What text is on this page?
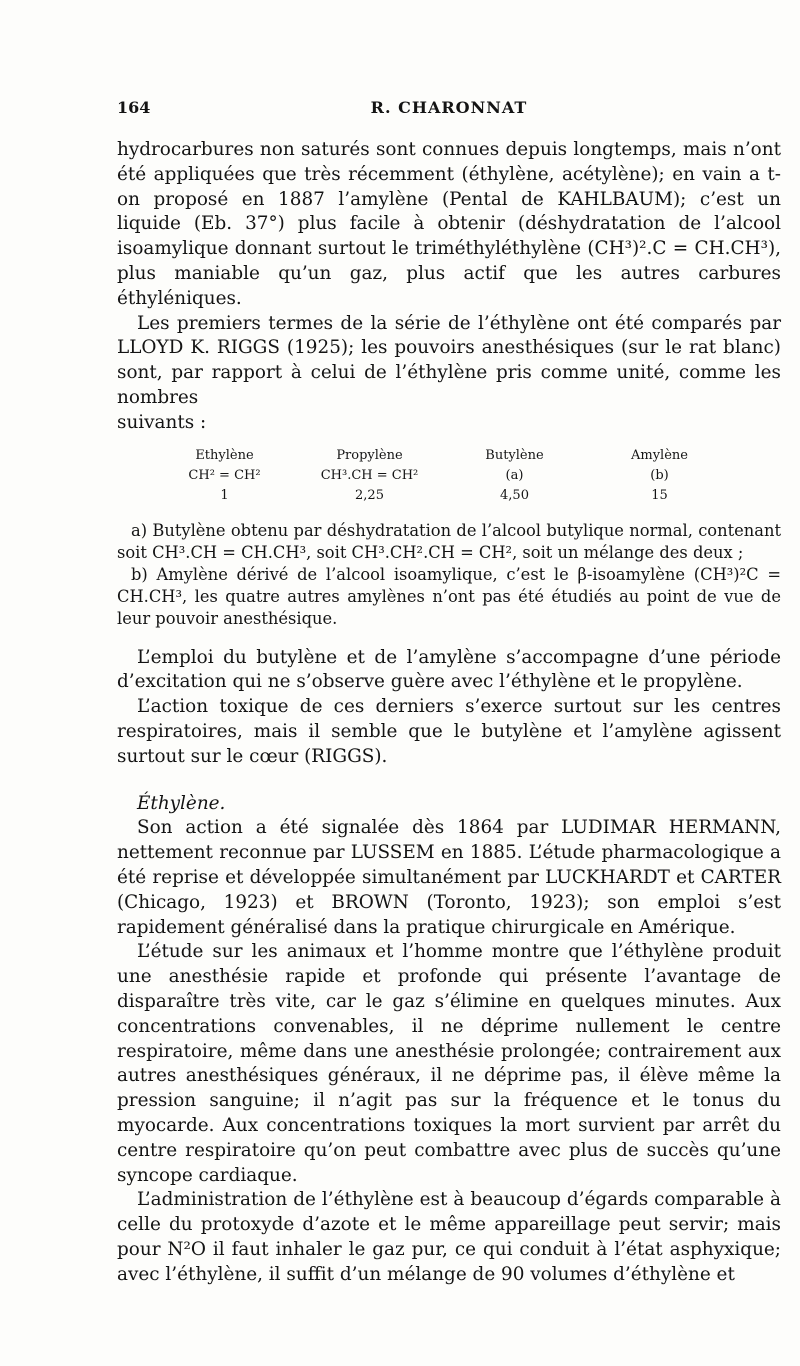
164	R. CHARONNAT

hydrocarbures non saturés sont connues depuis longtemps, mais n’ont été appliquées que très récemment (éthylène, acétylène); en vain a t-on proposé en 1887 l’amylène (Pental de KAHLBAUM); c’est un liquide (Eb. 37°) plus facile à obtenir (déshydratation de l’alcool isoamylique donnant surtout le triméthyléthylène (CH³)².C = CH.CH³), plus maniable qu’un gaz, plus actif que les autres carbures éthyléniques.

Les premiers termes de la série de l’éthylène ont été comparés par LLOYD K. RIGGS (1925); les pouvoirs anesthésiques (sur le rat blanc) sont, par rapport à celui de l’éthylène pris comme unité, comme les nombres

suivants :

Ethylène	Propylène	Butylène	Amylène
CH² = CH²	CH³.CH = CH²	(a)	(b)
1	2,25	4,50	15

a) Butylène obtenu par déshydratation de l’alcool butylique normal, contenant soit CH³.CH = CH.CH³, soit CH³.CH².CH = CH², soit un mélange des deux ;

b) Amylène dérivé de l’alcool isoamylique, c’est le β-isoamylène (CH³)²C = CH.CH³, les quatre autres amylènes n’ont pas été étudiés au point de vue de leur pouvoir anesthésique.

L’emploi du butylène et de l’amylène s’accompagne d’une période d’excitation qui ne s’observe guère avec l’éthylène et le propylène.

L’action toxique de ces derniers s’exerce surtout sur les centres respiratoires, mais il semble que le butylène et l’amylène agissent surtout sur le cœur (RIGGS).

Éthylène.

Son action a été signalée dès 1864 par LUDIMAR HERMANN, nettement reconnue par LUSSEM en 1885. L’étude pharmacologique a été reprise et développée simultanément par LUCKHARDT et CARTER (Chicago, 1923) et BROWN (Toronto, 1923); son emploi s’est rapidement généralisé dans la pratique chirurgicale en Amérique.

L’étude sur les animaux et l’homme montre que l’éthylène produit une anesthésie rapide et profonde qui présente l’avantage de disparaître très vite, car le gaz s’élimine en quelques minutes. Aux concentrations convenables, il ne déprime nullement le centre respiratoire, même dans une anesthésie prolongée; contrairement aux autres anesthésiques généraux, il ne déprime pas, il élève même la pression sanguine; il n’agit pas sur la fréquence et le tonus du myocarde. Aux concentrations toxiques la mort survient par arrêt du centre respiratoire qu’on peut combattre avec plus de succès qu’une syncope cardiaque.

L’administration de l’éthylène est à beaucoup d’égards comparable à celle du protoxyde d’azote et le même appareillage peut servir; mais pour N²O il faut inhaler le gaz pur, ce qui conduit à l’état asphyxique; avec l’éthylène, il suffit d’un mélange de 90 volumes d’éthylène et
